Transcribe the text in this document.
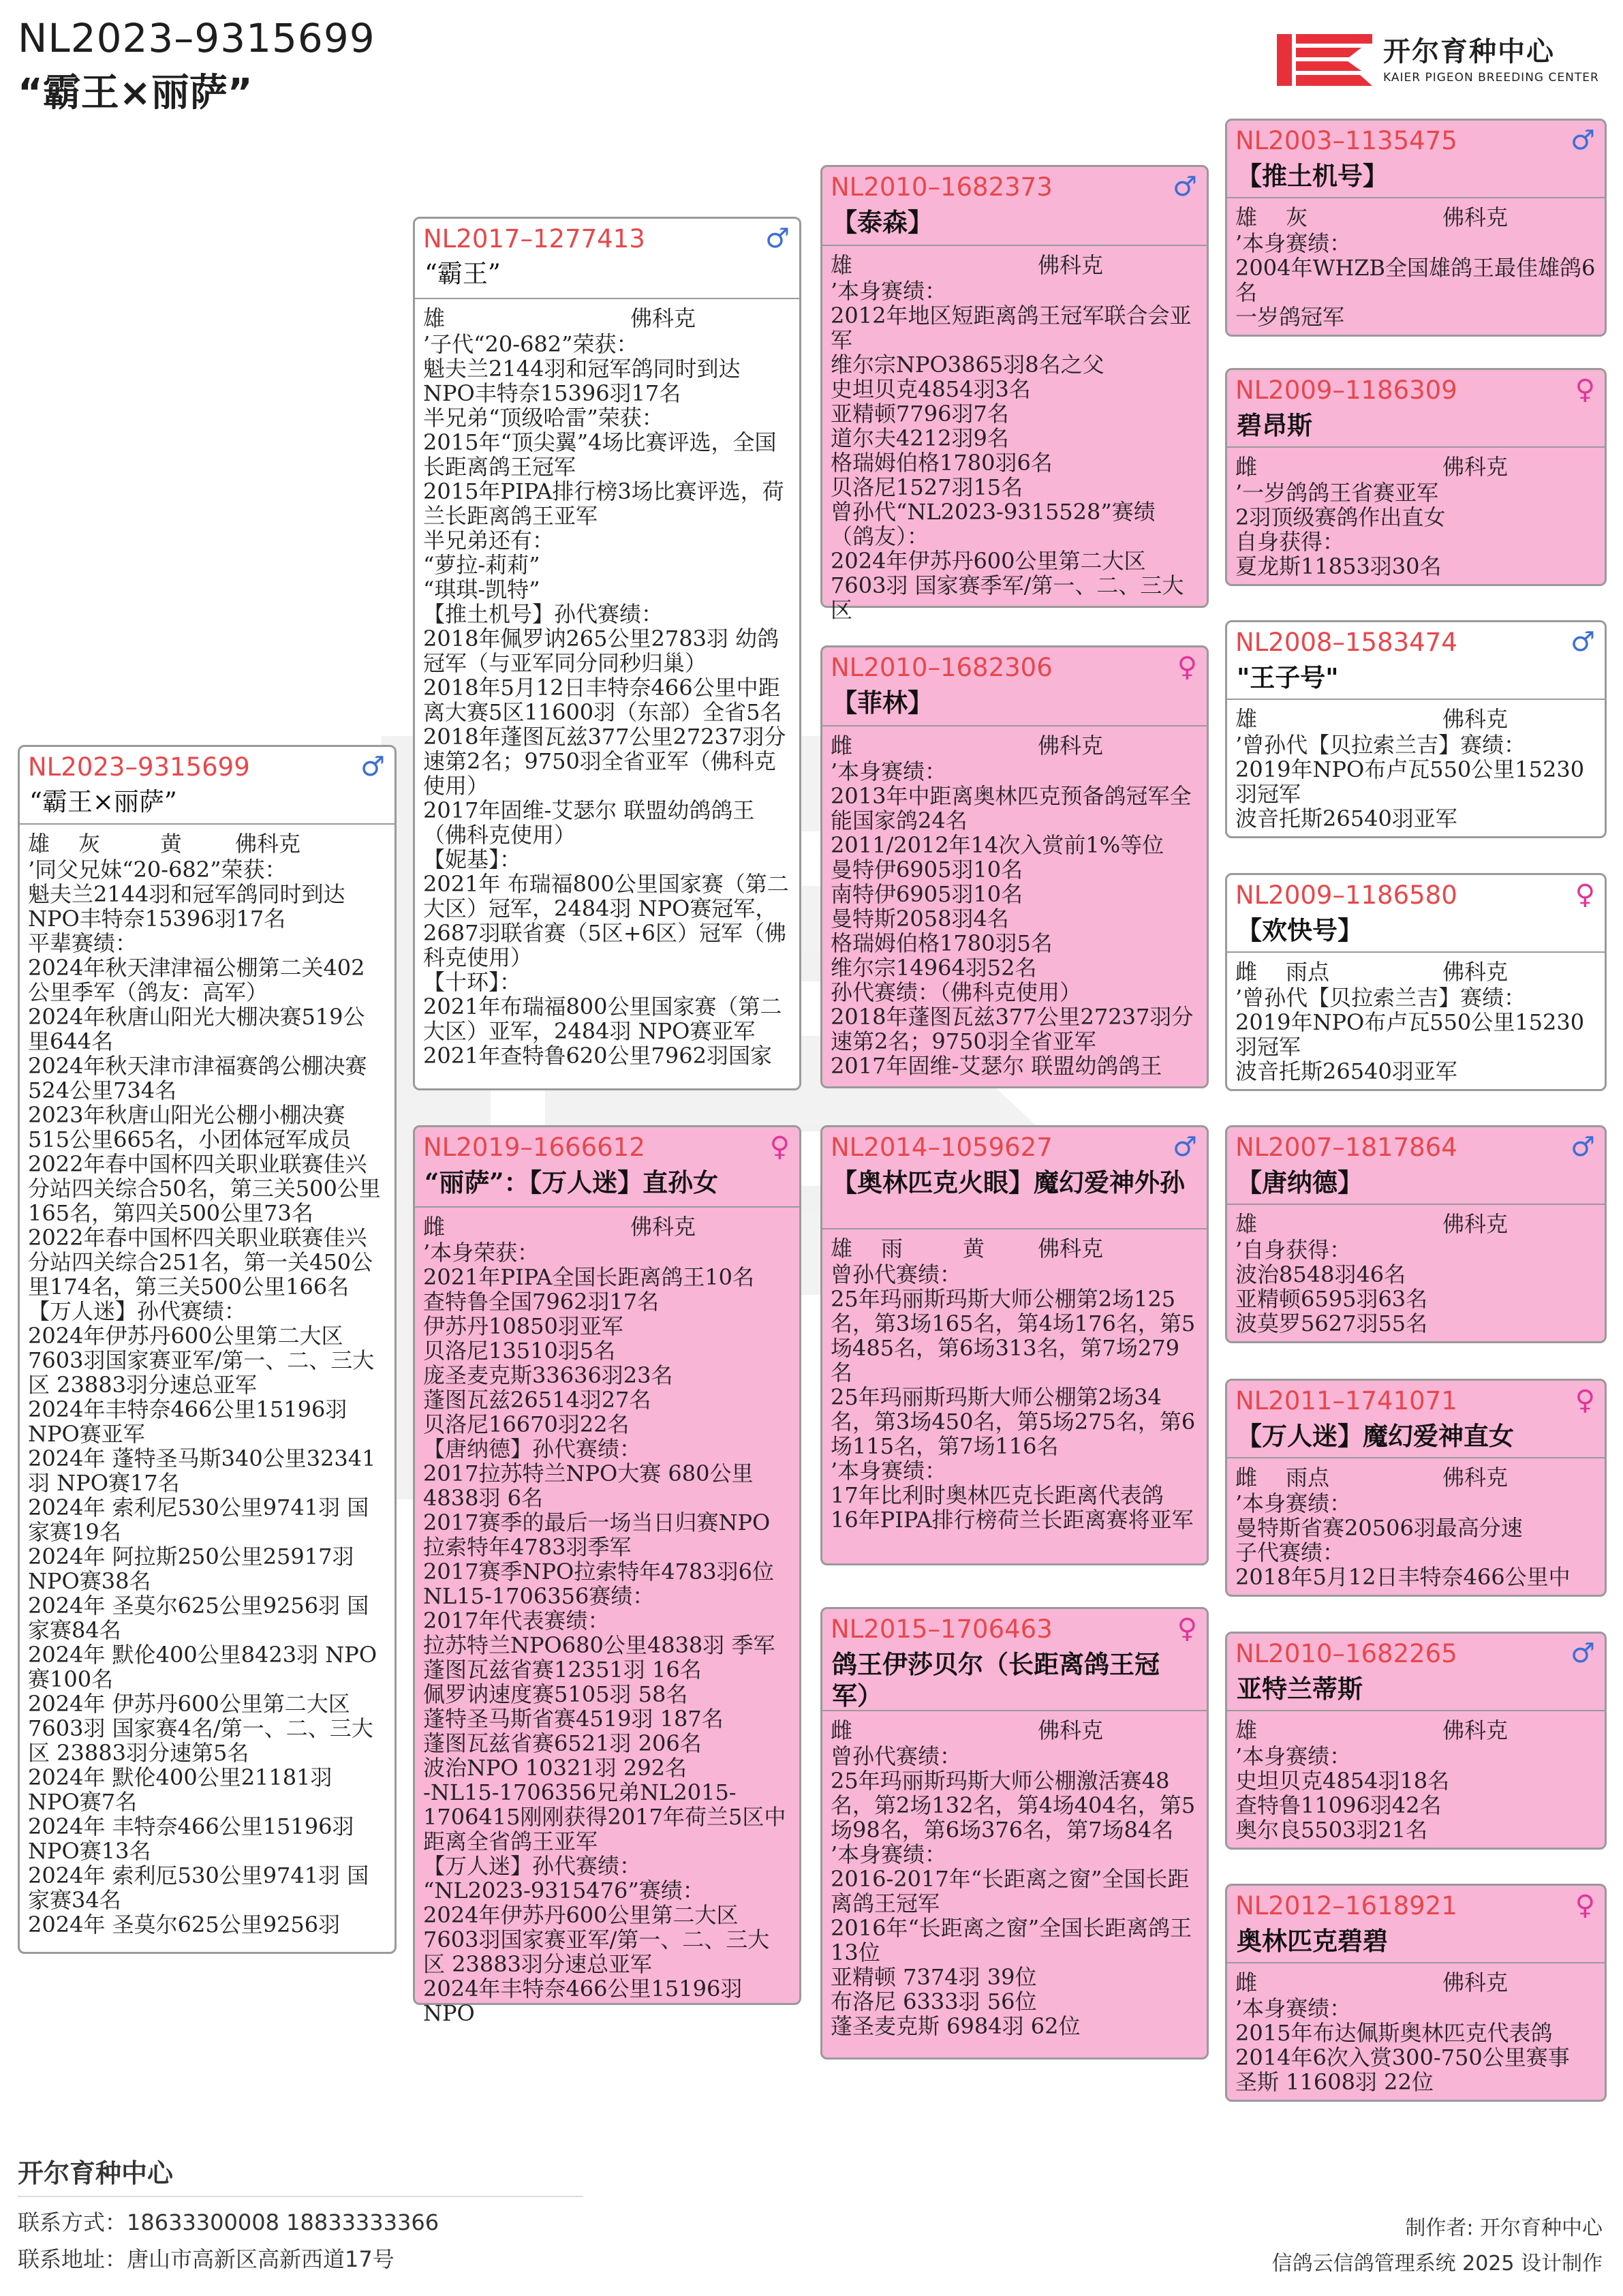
NL2023–9315699
“霸王×丽萨”
开尔育种中心
KAIER PIGEON BREEDING CENTER
NL2023–9315699	♂
“霸王×丽萨”
雄	灰	黄	佛科克

’同父兄妹“20-682”荣获：
魁夫兰2144羽和冠军鸽同时到达NPO丰特奈15396羽17名
平辈赛绩：
2024年秋天津津福公棚第二关402公里季军（鸽友：高军）
2024年秋唐山阳光大棚决赛519公里644名
2024年秋天津市津福赛鸽公棚决赛524公里734名
2023年秋唐山阳光公棚小棚决赛515公里665名，小团体冠军成员
2022年春中国杯四关职业联赛佳兴分站四关综合50名，第三关500公里165名，第四关500公里73名
2022年春中国杯四关职业联赛佳兴分站四关综合251名，第一关450公里174名，第三关500公里166名
【万人迷】孙代赛绩：
2024年伊苏丹600公里第二大区7603羽国家赛亚军/第一、二、三大区 23883羽分速总亚军
2024年丰特奈466公里15196羽NPO赛亚军
2024年 蓬特圣马斯340公里32341羽 NPO赛17名
2024年 索利尼530公里9741羽 国家赛19名
2024年 阿拉斯250公里25917羽NPO赛38名
2024年 圣莫尔625公里9256羽 国家赛84名
2024年 默伦400公里8423羽 NPO赛100名
2024年 伊苏丹600公里第二大区7603羽 国家赛4名/第一、二、三大区 23883羽分速第5名
2024年 默伦400公里21181羽 NPO赛7名
2024年 丰特奈466公里15196羽NPO赛13名
2024年 索利厄530公里9741羽 国家赛34名
2024年 圣莫尔625公里9256羽

NL2017–1277413	♂
“霸王”
雄	佛科克

’子代“20-682”荣获：
魁夫兰2144羽和冠军鸽同时到达NPO丰特奈15396羽17名
半兄弟“顶级哈雷”荣获：
2015年“顶尖翼”4场比赛评选，全国长距离鸽王冠军
2015年PIPA排行榜3场比赛评选，荷兰长距离鸽王亚军
半兄弟还有：
“萝拉-莉莉”
“琪琪-凯特”
【推土机号】孙代赛绩：
2018年佩罗讷265公里2783羽 幼鸽冠军（与亚军同分同秒归巢）
2018年5月12日丰特奈466公里中距离大赛5区11600羽（东部）全省5名
2018年蓬图瓦兹377公里27237羽分速第2名；9750羽全省亚军（佛科克使用）
2017年固维-艾瑟尔 联盟幼鸽鸽王（佛科克使用）
【妮基】：
2021年 布瑞福800公里国家赛（第二大区）冠军，2484羽 NPO赛冠军，2687羽联省赛（5区+6区）冠军（佛科克使用）
【十环】：
2021年布瑞福800公里国家赛（第二大区）亚军，2484羽 NPO赛亚军
2021年查特鲁620公里7962羽国家

NL2019–1666612	♀
“丽萨”：【万人迷】直孙女
雌	佛科克

’本身荣获：
2021年PIPA全国长距离鸽王10名
查特鲁全国7962羽17名
伊苏丹10850羽亚军
贝洛尼13510羽5名
庞圣麦克斯33636羽23名
蓬图瓦兹26514羽27名
贝洛尼16670羽22名
【唐纳德】孙代赛绩：
2017拉苏特兰NPO大赛 680公里4838羽 6名
2017赛季的最后一场当日归赛NPO拉索特年4783羽季军
2017赛季NPO拉索特年4783羽6位
NL15-1706356赛绩：
2017年代表赛绩：
拉苏特兰NPO680公里4838羽 季军
蓬图瓦兹省赛12351羽 16名
佩罗讷速度赛5105羽 58名
蓬特圣马斯省赛4519羽 187名
蓬图瓦兹省赛6521羽 206名
波治NPO 10321羽 292名
-NL15-1706356兄弟NL2015-1706415刚刚获得2017年荷兰5区中距离全省鸽王亚军
【万人迷】孙代赛绩：
“NL2023-9315476”赛绩：
2024年伊苏丹600公里第二大区7603羽国家赛亚军/第一、二、三大区 23883羽分速总亚军
2024年丰特奈466公里15196羽 NPO

NL2010–1682373	♂
【泰森】
雄	佛科克

’本身赛绩：
2012年地区短距离鸽王冠军联合会亚军
维尔宗NPO3865羽8名之父
史坦贝克4854羽3名
亚精顿7796羽7名
道尔夫4212羽9名
格瑞姆伯格1780羽6名
贝洛尼1527羽15名
曾孙代“NL2023-9315528”赛绩（鸽友）：
2024年伊苏丹600公里第二大区7603羽 国家赛季军/第一、二、三大区

NL2010–1682306	♀
【菲林】
雌	佛科克

’本身赛绩：
2013年中距离奥林匹克预备鸽冠军全能国家鸽24名
2011/2012年14次入赏前1%等位
曼特伊6905羽10名
南特伊6905羽10名
曼特斯2058羽4名
格瑞姆伯格1780羽5名
维尔宗14964羽52名
孙代赛绩：（佛科克使用）
2018年蓬图瓦兹377公里27237羽分速第2名；9750羽全省亚军
2017年固维-艾瑟尔 联盟幼鸽鸽王

NL2014–1059627	♂
【奥林匹克火眼】魔幻爱神外孙
雄	雨	黄	佛科克

曾孙代赛绩：
25年玛丽斯玛斯大师公棚第2场125名，第3场165名，第4场176名，第5场485名，第6场313名，第7场279名
25年玛丽斯玛斯大师公棚第2场34名，第3场450名，第5场275名，第6场115名，第7场116名
’本身赛绩：
17年比利时奥林匹克长距离代表鸽
16年PIPA排行榜荷兰长距离赛将亚军

NL2015–1706463	♀
鸽王伊莎贝尔（长距离鸽王冠军）
雌	佛科克

曾孙代赛绩：
25年玛丽斯玛斯大师公棚激活赛48名，第2场132名，第4场404名，第5场98名，第6场376名，第7场84名
’本身赛绩：
2016-2017年“长距离之窗”全国长距离鸽王冠军
2016年“长距离之窗”全国长距离鸽王13位
亚精顿 7374羽 39位
布洛尼 6333羽 56位
蓬圣麦克斯 6984羽 62位

NL2003–1135475	♂
【推土机号】
雄	灰	佛科克

’本身赛绩：
2004年WHZB全国雄鸽王最佳雄鸽6名
一岁鸽冠军

NL2009–1186309	♀
碧昂斯
雌	佛科克

’一岁鸽鸽王省赛亚军
2羽顶级赛鸽作出直女
自身获得：
夏龙斯11853羽30名

NL2008–1583474	♂
"王子号"
雄	佛科克

’曾孙代【贝拉索兰吉】赛绩：
2019年NPO布卢瓦550公里15230羽冠军
波音托斯26540羽亚军

NL2009–1186580	♀
【欢快号】
雌	雨点	佛科克

’曾孙代【贝拉索兰吉】赛绩：
2019年NPO布卢瓦550公里15230羽冠军
波音托斯26540羽亚军

NL2007–1817864	♂
【唐纳德】
雄	佛科克

’自身获得：
波治8548羽46名
亚精顿6595羽63名
波莫罗5627羽55名

NL2011–1741071	♀
【万人迷】魔幻爱神直女
雌	雨点	佛科克

’本身赛绩：
曼特斯省赛20506羽最高分速
子代赛绩：
2018年5月12日丰特奈466公里中

NL2010–1682265	♂
亚特兰蒂斯
雄	佛科克

’本身赛绩：
史坦贝克4854羽18名
查特鲁11096羽42名
奥尔良5503羽21名

NL2012–1618921	♀
奥林匹克碧碧
雌	佛科克

’本身赛绩：
2015年布达佩斯奥林匹克代表鸽
2014年6次入赏300-750公里赛事
圣斯 11608羽 22位

开尔育种中心
联系方式：18633300008 18833333366
联系地址：唐山市高新区高新西道17号
制作者: 开尔育种中心
信鸽云信鸽管理系统 2025 设计制作
